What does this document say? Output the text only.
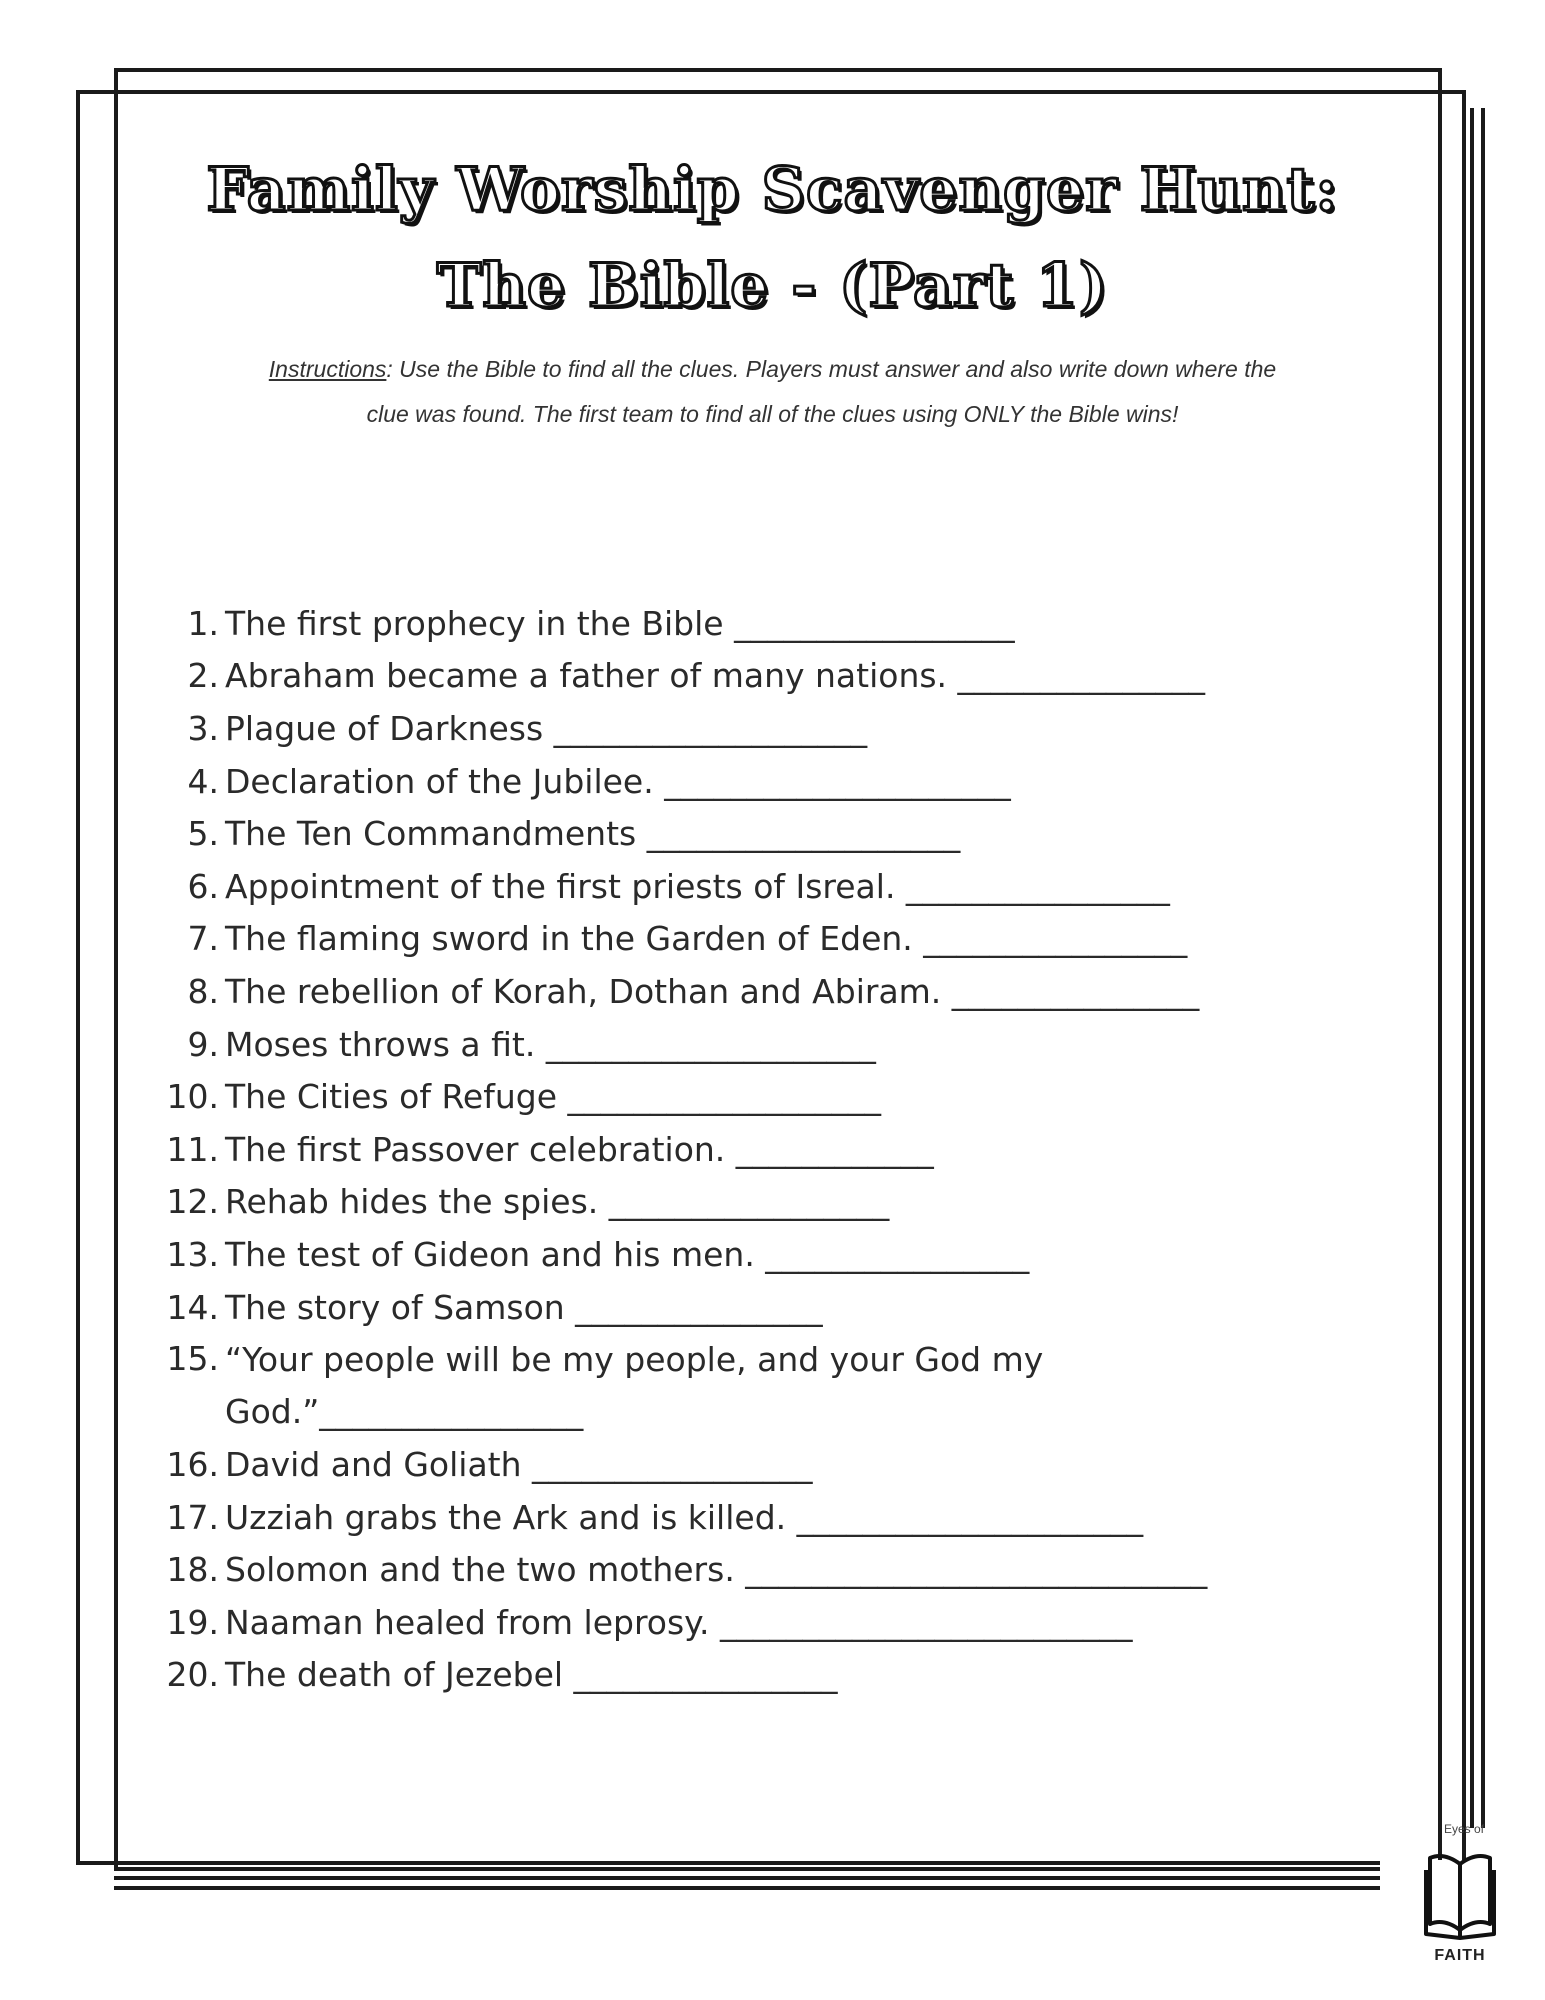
Family Worship Scavenger Hunt:
The Bible - (Part 1)
Instructions: Use the Bible to find all the clues. Players must answer and also write down where the
clue was found. The first team to find all of the clues using ONLY the Bible wins!
1. The first prophecy in the Bible _________________
2. Abraham became a father of many nations. _______________
3. Plague of Darkness ___________________
4. Declaration of the Jubilee. _____________________
5. The Ten Commandments ___________________
6. Appointment of the first priests of Isreal. ________________
7. The flaming sword in the Garden of Eden. ________________
8. The rebellion of Korah, Dothan and Abiram. _______________
9. Moses throws a fit. ____________________
10. The Cities of Refuge ___________________
11. The first Passover celebration. ____________
12. Rehab hides the spies. _________________
13. The test of Gideon and his men. ________________
14. The story of Samson _______________
15. “Your people will be my people, and your God my God.”________________
16. David and Goliath _________________
17. Uzziah grabs the Ark and is killed. _____________________
18. Solomon and the two mothers. ____________________________
19. Naaman healed from leprosy. _________________________
20. The death of Jezebel ________________
Eyes of
FAITH
